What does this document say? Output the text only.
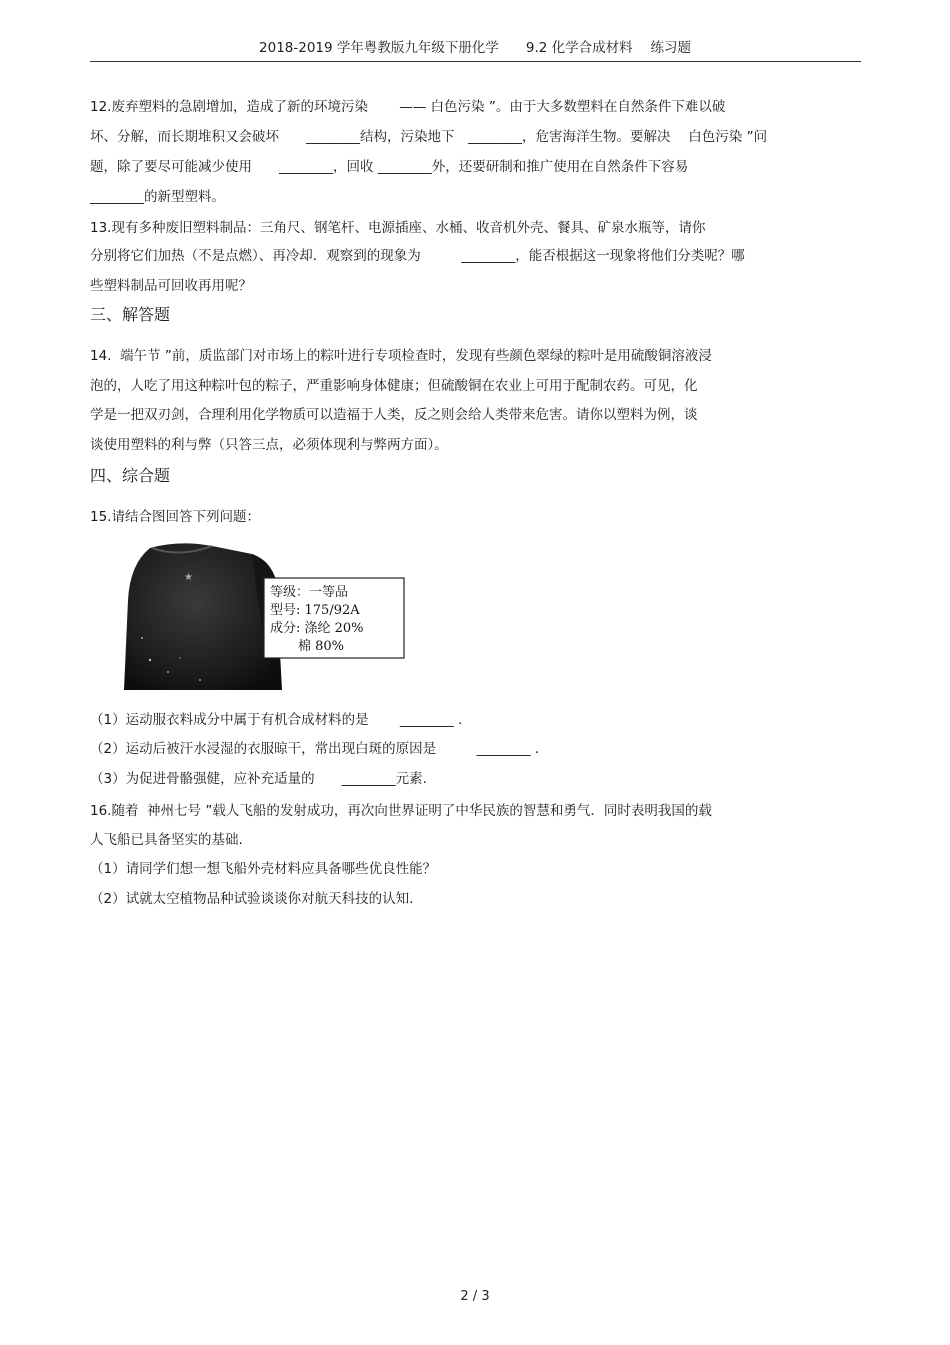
2018-2019 学年粤教版九年级下册化学　　9.2 化学合成材料　 练习题
12.废弃塑料的急剧增加，造成了新的环境污染　　 —— 白色污染 ”。由于大多数塑料在自然条件下难以破
坏、分解，而长期堆积又会破坏　　________结构，污染地下　________，危害海洋生物。要解决　 白色污染 ”问
题，除了要尽可能减少使用　　________，回收 ________外，还要研制和推广使用在自然条件下容易
________的新型塑料。
13.现有多种废旧塑料制品：三角尺、钢笔杆、电源插座、水桶、收音机外壳、餐具、矿泉水瓶等，请你
分别将它们加热（不是点燃）、再冷却．观察到的现象为　　　________，能否根据这一现象将他们分类呢？哪
些塑料制品可回收再用呢？
三、解答题
14.  端午节 ”前，质监部门对市场上的粽叶进行专项检查时，发现有些颜色翠绿的粽叶是用硫酸铜溶液浸
泡的，人吃了用这种粽叶包的粽子，严重影响身体健康；但硫酸铜在农业上可用于配制农药。可见，化
学是一把双刃剑，合理利用化学物质可以造福于人类，反之则会给人类带来危害。请你以塑料为例，谈
谈使用塑料的利与弊（只答三点，必须体现利与弊两方面）。
四、综合题
15.请结合图回答下列问题：
★
等级：一等品
型号: 175/92A
成分: 涤纶 20%
棉 80%
（1）运动服衣料成分中属于有机合成材料的是　　 ________ ．
（2）运动后被汗水浸湿的衣服晾干，常出现白斑的原因是　　　________ ．
（3）为促进骨骼强健，应补充适量的　　________元素.
16.随着  神州七号 ”载人飞船的发射成功，再次向世界证明了中华民族的智慧和勇气．同时表明我国的载
人飞船已具备坚实的基础.
（1）请同学们想一想飞船外壳材料应具备哪些优良性能？
（2）试就太空植物品种试验谈谈你对航天科技的认知.
2 / 3
